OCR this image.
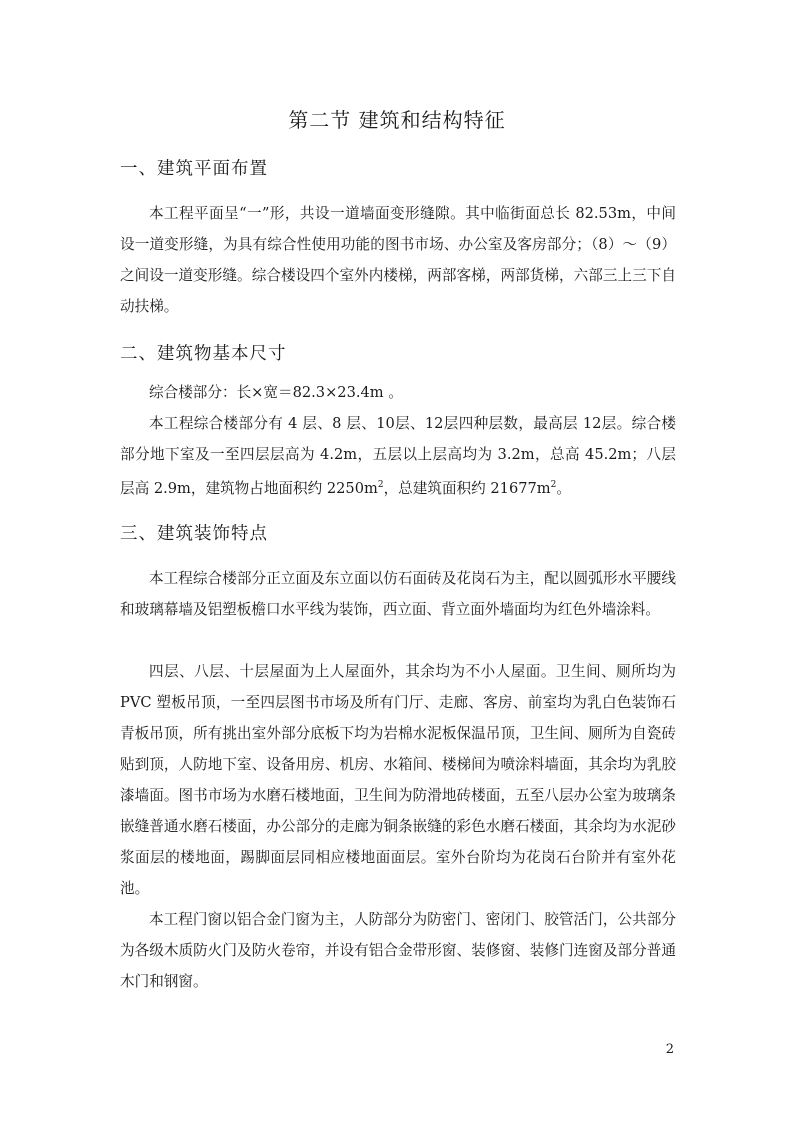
第二节 建筑和结构特征
一、建筑平面布置

本工程平面呈“一”形，共设一道墙面变形缝隙。其中临街面总长 82.53m，中间设一道变形缝，为具有综合性使用功能的图书市场、办公室及客房部分；（8）～（9）之间设一道变形缝。综合楼设四个室外内楼梯，两部客梯，两部货梯，六部三上三下自动扶梯。

二、建筑物基本尺寸
综合楼部分：长×宽＝82.3×23.4m 。

本工程综合楼部分有 4 层、8 层、10层、12层四种层数，最高层 12层。综合楼部分地下室及一至四层层高为 4.2m，五层以上层高均为 3.2m，总高 45.2m；八层层高 2.9m，建筑物占地面积约 $2250m^2$，总建筑面积约 $21677m^2$。

三、建筑装饰特点

本工程综合楼部分正立面及东立面以仿石面砖及花岗石为主，配以圆弧形水平腰线和玻璃幕墙及铝塑板檐口水平线为装饰，西立面、背立面外墙面均为红色外墙涂料。

四层、八层、十层屋面为上人屋面外，其余均为不小人屋面。卫生间、厕所均为 PVC 塑板吊顶，一至四层图书市场及所有门厅、走廊、客房、前室均为乳白色装饰石青板吊顶，所有挑出室外部分底板下均为岩棉水泥板保温吊顶，卫生间、厕所为自瓷砖贴到顶，人防地下室、设备用房、机房、水箱间、楼梯间为喷涂料墙面，其余均为乳胶漆墙面。图书市场为水磨石楼地面，卫生间为防滑地砖楼面，五至八层办公室为玻璃条嵌缝普通水磨石楼面，办公部分的走廊为铜条嵌缝的彩色水磨石楼面，其余均为水泥砂浆面层的楼地面，踢脚面层同相应楼地面面层。室外台阶均为花岗石台阶并有室外花池。

本工程门窗以铝合金门窗为主，人防部分为防密门、密闭门、胶管活门，公共部分为各级木质防火门及防火卷帘，并设有铝合金带形窗、装修窗、装修门连窗及部分普通木门和钢窗。

2
